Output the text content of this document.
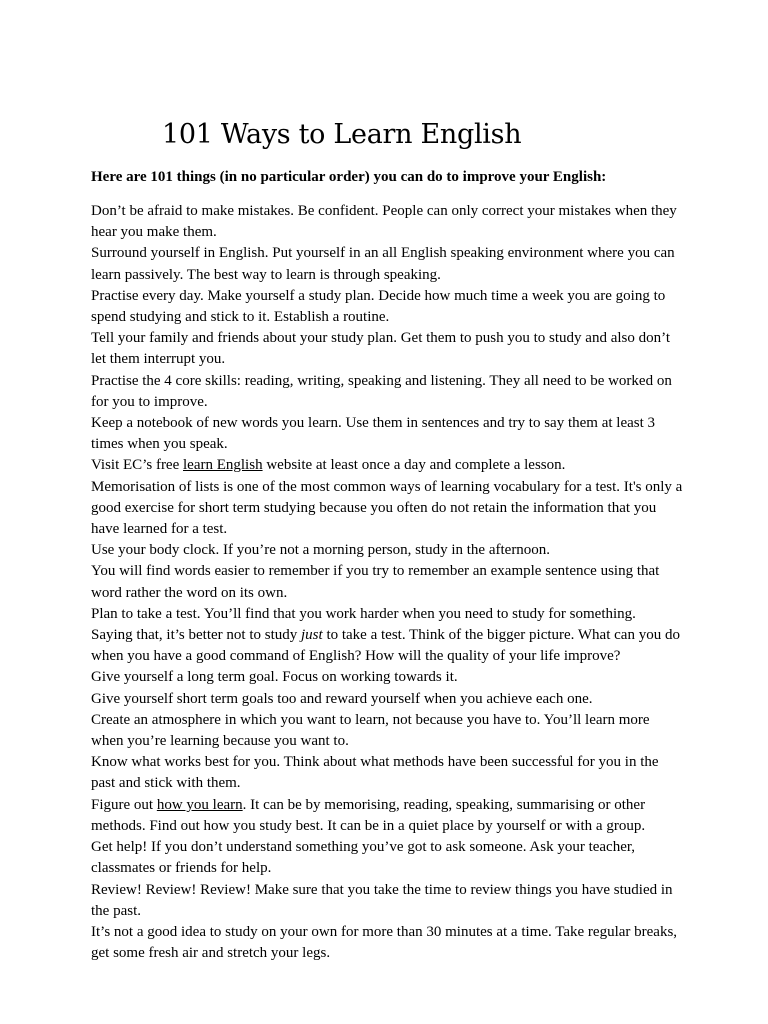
101 Ways to Learn English

Here are 101 things (in no particular order) you can do to improve your English:

Don’t be afraid to make mistakes. Be confident. People can only correct your mistakes when they hear you make them.
Surround yourself in English. Put yourself in an all English speaking environment where you can learn passively. The best way to learn is through speaking.
Practise every day. Make yourself a study plan. Decide how much time a week you are going to spend studying and stick to it. Establish a routine.
Tell your family and friends about your study plan. Get them to push you to study and also don’t let them interrupt you.
Practise the 4 core skills: reading, writing, speaking and listening. They all need to be worked on for you to improve.
Keep a notebook of new words you learn. Use them in sentences and try to say them at least 3 times when you speak.
Visit EC’s free learn English website at least once a day and complete a lesson.
Memorisation of lists is one of the most common ways of learning vocabulary for a test. It's only a good exercise for short term studying because you often do not retain the information that you have learned for a test.
Use your body clock. If you’re not a morning person, study in the afternoon.
You will find words easier to remember if you try to remember an example sentence using that word rather the word on its own.
Plan to take a test. You’ll find that you work harder when you need to study for something.
Saying that, it’s better not to study just to take a test. Think of the bigger picture. What can you do when you have a good command of English? How will the quality of your life improve?
Give yourself a long term goal. Focus on working towards it.
Give yourself short term goals too and reward yourself when you achieve each one.
Create an atmosphere in which you want to learn, not because you have to. You’ll learn more when you’re learning because you want to.
Know what works best for you. Think about what methods have been successful for you in the past and stick with them.
Figure out how you learn. It can be by memorising, reading, speaking, summarising or other methods. Find out how you study best. It can be in a quiet place by yourself or with a group.
Get help! If you don’t understand something you’ve got to ask someone. Ask your teacher, classmates or friends for help.
Review! Review! Review! Make sure that you take the time to review things you have studied in the past.
It’s not a good idea to study on your own for more than 30 minutes at a time. Take regular breaks, get some fresh air and stretch your legs.
